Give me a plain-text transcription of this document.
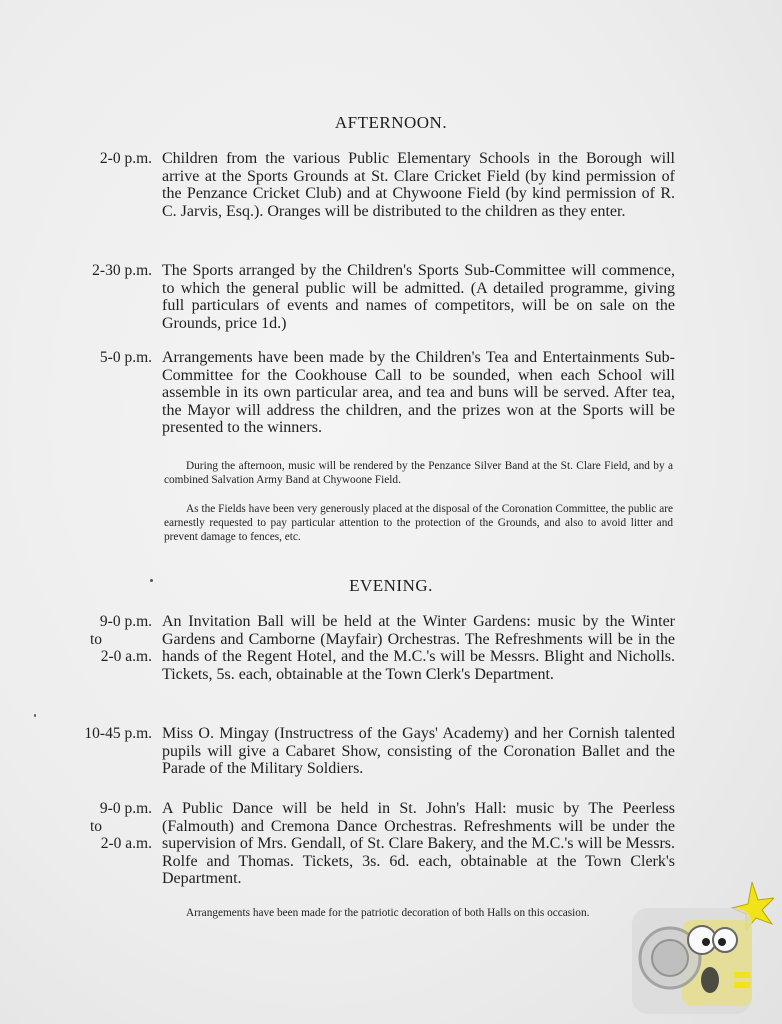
AFTERNOON.
2-0 p.m. Children from the various Public Elementary Schools in the Borough will arrive at the Sports Grounds at St. Clare Cricket Field (by kind permission of the Penzance Cricket Club) and at Chywoone Field (by kind permission of R. C. Jarvis, Esq.). Oranges will be distributed to the children as they enter.
2-30 p.m. The Sports arranged by the Children's Sports Sub-Committee will commence, to which the general public will be admitted. (A detailed programme, giving full particulars of events and names of competitors, will be on sale on the Grounds, price 1d.)
5-0 p.m. Arrangements have been made by the Children's Tea and Entertainments Sub-Committee for the Cookhouse Call to be sounded, when each School will assemble in its own particular area, and tea and buns will be served. After tea, the Mayor will address the children, and the prizes won at the Sports will be presented to the winners.
During the afternoon, music will be rendered by the Penzance Silver Band at the St. Clare Field, and by a combined Salvation Army Band at Chywoone Field.
As the Fields have been very generously placed at the disposal of the Coronation Committee, the public are earnestly requested to pay particular attention to the protection of the Grounds, and also to avoid litter and prevent damage to fences, etc.
EVENING.
9-0 p.m.
to
2-0 a.m.
An Invitation Ball will be held at the Winter Gardens: music by the Winter Gardens and Camborne (Mayfair) Orchestras. The Refreshments will be in the hands of the Regent Hotel, and the M.C.'s will be Messrs. Blight and Nicholls. Tickets, 5s. each, obtainable at the Town Clerk's Department.
10-45 p.m. Miss O. Mingay (Instructress of the Gays' Academy) and her Cornish talented pupils will give a Cabaret Show, consisting of the Coronation Ballet and the Parade of the Military Soldiers.
9-0 p.m.
to
2-0 a.m.
A Public Dance will be held in St. John's Hall: music by The Peerless (Falmouth) and Cremona Dance Orchestras. Refreshments will be under the supervision of Mrs. Gendall, of St. Clare Bakery, and the M.C.'s will be Messrs. Rolfe and Thomas. Tickets, 3s. 6d. each, obtainable at the Town Clerk's Department.
Arrangements have been made for the patriotic decoration of both Halls on this occasion.
